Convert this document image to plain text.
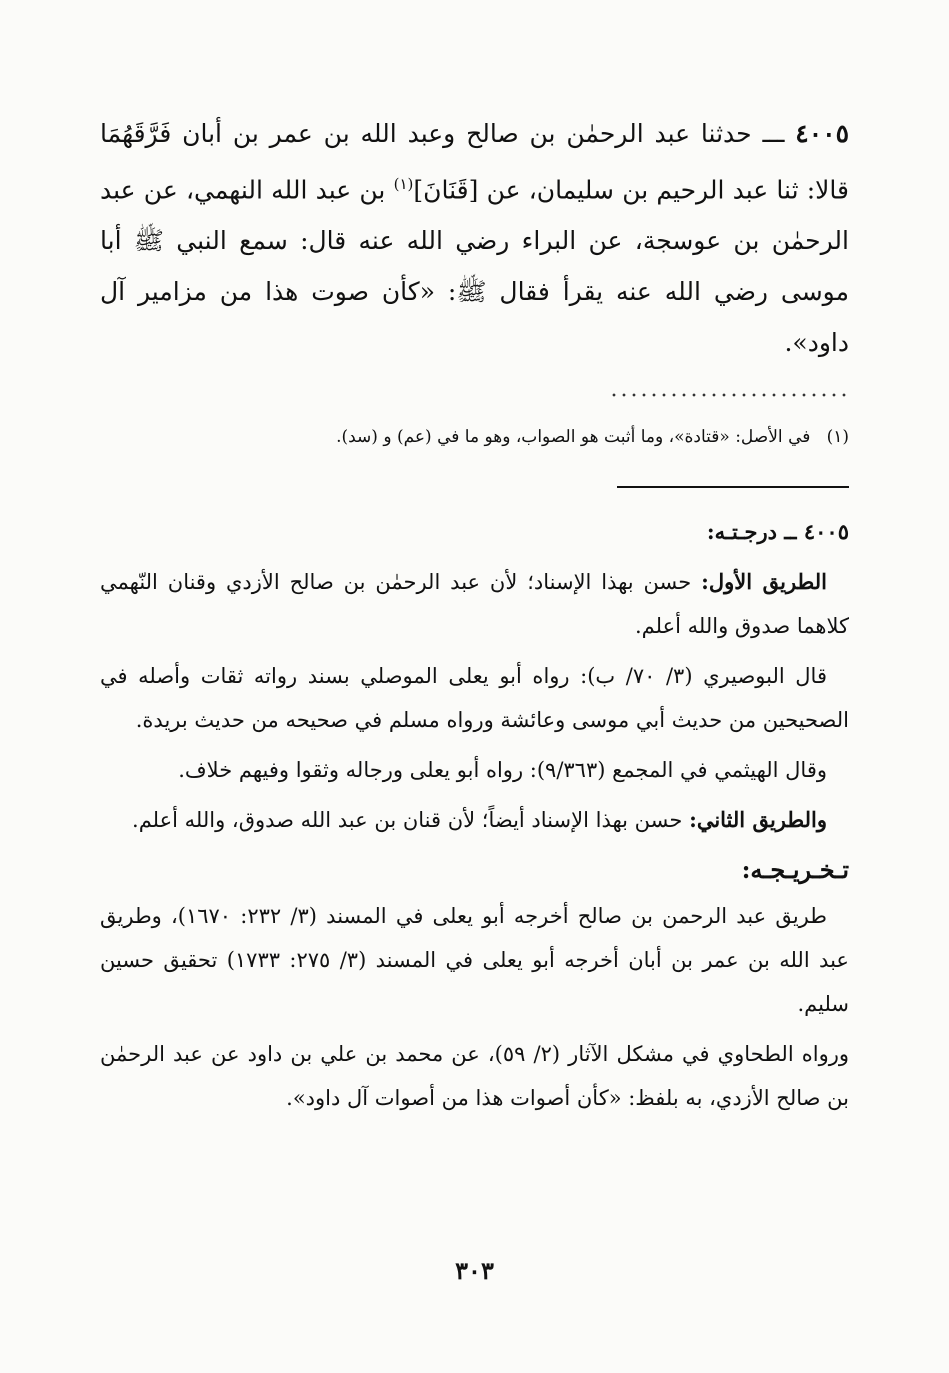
٤٠٠٥ ـــ حدثنا عبد الرحمٰن بن صالح وعبد الله بن عمر بن أبان فَرَّقَهُمَا قالا: ثنا عبد الرحيم بن سليمان، عن [قَنَانَ]$^{(١)}$ بن عبد الله النهمي، عن عبد الرحمٰن بن عوسجة، عن البراء رضي الله عنه قال: سمع النبي ﷺ أبا موسى رضي الله عنه يقرأ فقال ﷺ: «كأن صوت هذا من مزامير آل داود».
(١)   في الأصل: «قتادة»، وما أثبت هو الصواب، وهو ما في (عم) و (سد).

٤٠٠٥ ــ درجـتـه:

الطريق الأول: حسن بهذا الإسناد؛ لأن عبد الرحمٰن بن صالح الأزدي وقنان النّهمي كلاهما صدوق والله أعلم.

قال البوصيري (٣/ ٧٠/ ب): رواه أبو يعلى الموصلي بسند رواته ثقات وأصله في الصحيحين من حديث أبي موسى وعائشة ورواه مسلم في صحيحه من حديث بريدة.

وقال الهيثمي في المجمع (٩/٣٦٣): رواه أبو يعلى ورجاله وثقوا وفيهم خلاف.

والطريق الثاني: حسن بهذا الإسناد أيضاً؛ لأن قنان بن عبد الله صدوق، والله أعلم.

تـخـريـجـه:

طريق عبد الرحمن بن صالح أخرجه أبو يعلى في المسند (٣/ ٢٣٢: ١٦٧٠)، وطريق عبد الله بن عمر بن أبان أخرجه أبو يعلى في المسند (٣/ ٢٧٥: ١٧٣٣) تحقيق حسين سليم.

ورواه الطحاوي في مشكل الآثار (٢/ ٥٩)، عن محمد بن علي بن داود عن عبد الرحمٰن بن صالح الأزدي، به بلفظ: «كأن أصوات هذا من أصوات آل داود».

٣٠٣
